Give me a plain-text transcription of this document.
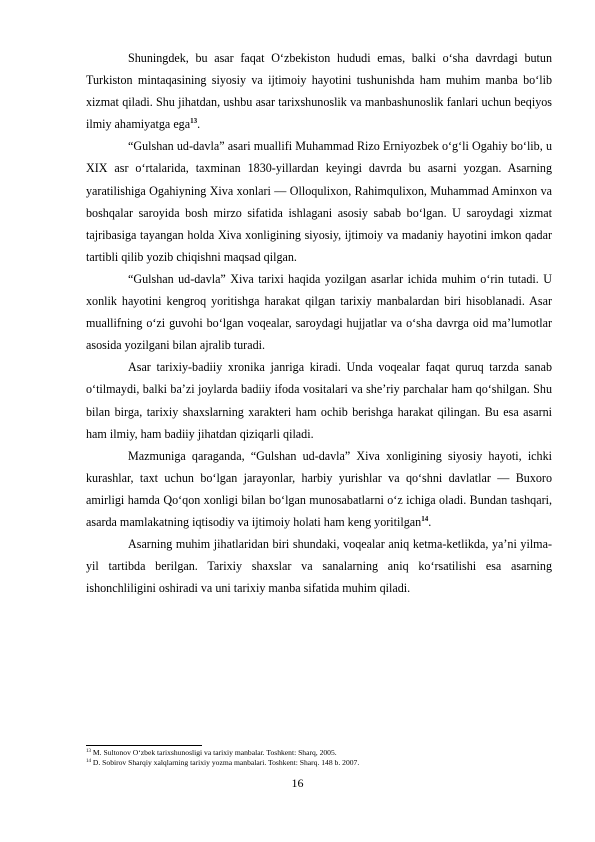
Shuningdek, bu asar faqat O‘zbekiston hududi emas, balki o‘sha davrdagi butun Turkiston mintaqasining siyosiy va ijtimoiy hayotini tushunishda ham muhim manba bo‘lib xizmat qiladi. Shu jihatdan, ushbu asar tarixshunoslik va manbashunoslik fanlari uchun beqiyos ilmiy ahamiyatga ega$^{13}$.

“Gulshan ud-davla” asari muallifi Muhammad Rizo Erniyozbek o‘g‘li Ogahiy bo‘lib, u XIX asr o‘rtalarida, taxminan 1830-yillardan keyingi davrda bu asarni yozgan. Asarning yaratilishiga Ogahiyning Xiva xonlari — Olloqulixon, Rahimqulixon, Muhammad Aminxon va boshqalar saroyida bosh mirzo sifatida ishlagani asosiy sabab bo‘lgan. U saroydagi xizmat tajribasiga tayangan holda Xiva xonligining siyosiy, ijtimoiy va madaniy hayotini imkon qadar tartibli qilib yozib chiqishni maqsad qilgan.

“Gulshan ud-davla” Xiva tarixi haqida yozilgan asarlar ichida muhim o‘rin tutadi. U xonlik hayotini kengroq yoritishga harakat qilgan tarixiy manbalardan biri hisoblanadi. Asar muallifning o‘zi guvohi bo‘lgan voqealar, saroydagi hujjatlar va o‘sha davrga oid ma’lumotlar asosida yozilgani bilan ajralib turadi.

Asar tarixiy-badiiy xronika janriga kiradi. Unda voqealar faqat quruq tarzda sanab o‘tilmaydi, balki ba’zi joylarda badiiy ifoda vositalari va she’riy parchalar ham qo‘shilgan. Shu bilan birga, tarixiy shaxslarning xarakteri ham ochib berishga harakat qilingan. Bu esa asarni ham ilmiy, ham badiiy jihatdan qiziqarli qiladi.

Mazmuniga qaraganda, “Gulshan ud-davla” Xiva xonligining siyosiy hayoti, ichki kurashlar, taxt uchun bo‘lgan jarayonlar, harbiy yurishlar va qo‘shni davlatlar — Buxoro amirligi hamda Qo‘qon xonligi bilan bo‘lgan munosabatlarni o‘z ichiga oladi. Bundan tashqari, asarda mamlakatning iqtisodiy va ijtimoiy holati ham keng yoritilgan$^{14}$.

Asarning muhim jihatlaridan biri shundaki, voqealar aniq ketma-ketlikda, ya’ni yilma-yil tartibda berilgan. Tarixiy shaxslar va sanalarning aniq ko‘rsatilishi esa asarning ishonchliligini oshiradi va uni tarixiy manba sifatida muhim qiladi.

$^{13}$ M. Sultonov O‘zbek tarixshunosligi va tarixiy manbalar. Toshkent: Sharq, 2005.
$^{14}$ D. Sobirov Sharqiy xalqlarning tarixiy yozma manbalari. Toshkent: Sharq. 148 b. 2007.
16
